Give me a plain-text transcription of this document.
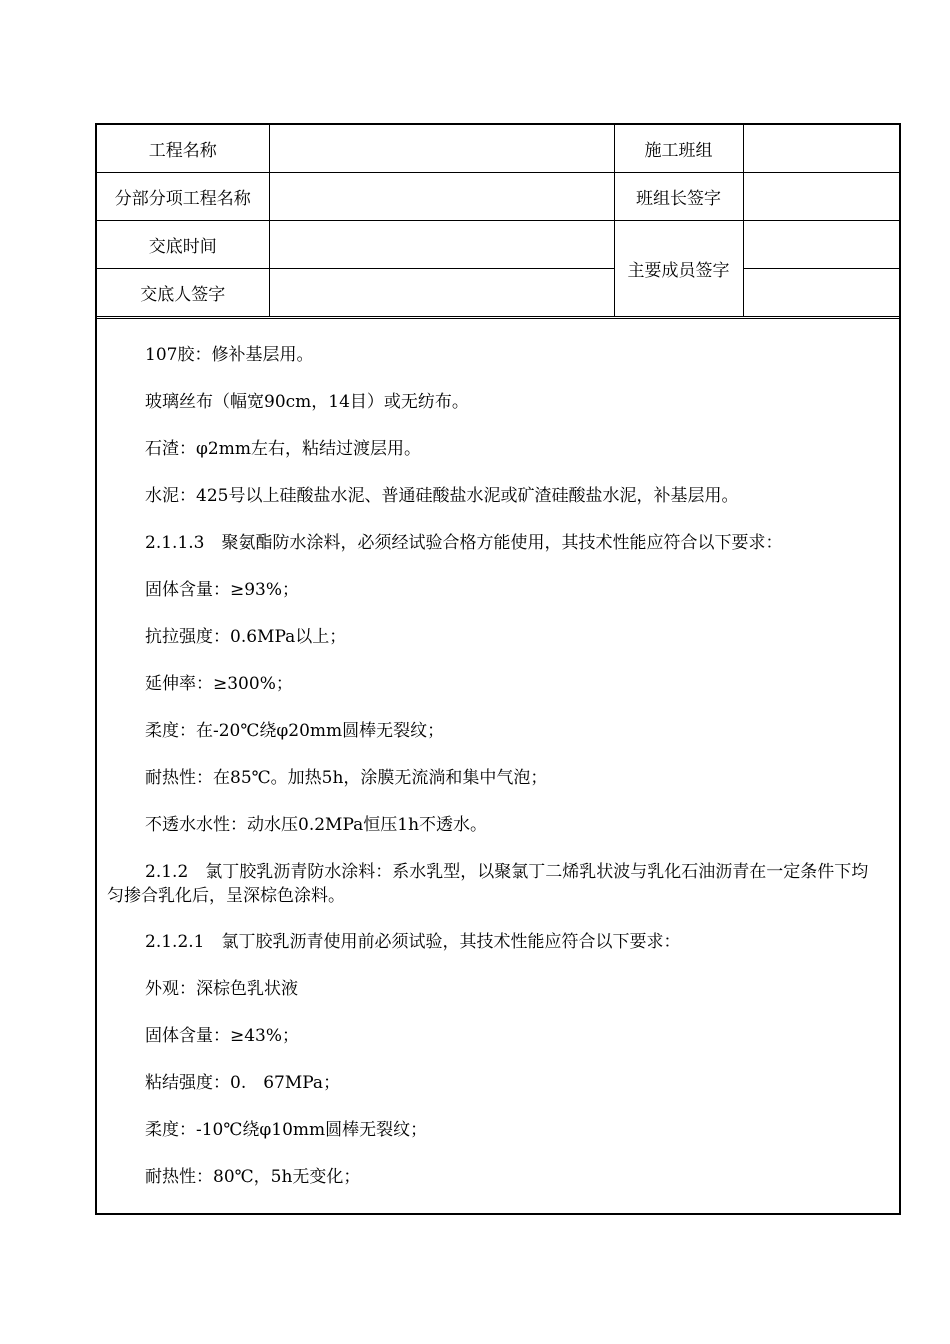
工程名称		施工班组	
分部分项工程名称		班组长签字	
交底时间		主要成员签字	
交底人签字			
107胶：修补基层用。
玻璃丝布（幅宽90cm，14目）或无纺布。
石渣：φ2mm左右，粘结过渡层用。
水泥：425号以上硅酸盐水泥、普通硅酸盐水泥或矿渣硅酸盐水泥，补基层用。
2.1.1.3　聚氨酯防水涂料，必须经试验合格方能使用，其技术性能应符合以下要求：
固体含量：≥93%；
抗拉强度：0.6MPa以上；
延伸率：≥300%；
柔度：在-20℃绕φ20mm圆棒无裂纹；
耐热性：在85℃。加热5h，涂膜无流淌和集中气泡；
不透水水性：动水压0.2MPa恒压1h不透水。
2.1.2　氯丁胶乳沥青防水涂料：系水乳型，以聚氯丁二烯乳状波与乳化石油沥青在一定条件下均匀掺合乳化后，呈深棕色涂料。
2.1.2.1　氯丁胶乳沥青使用前必须试验，其技术性能应符合以下要求：
外观：深棕色乳状液
固体含量：≥43%；
粘结强度：0.　67MPa；
柔度：-10℃绕φ10mm圆棒无裂纹；
耐热性：80℃，5h无变化；
